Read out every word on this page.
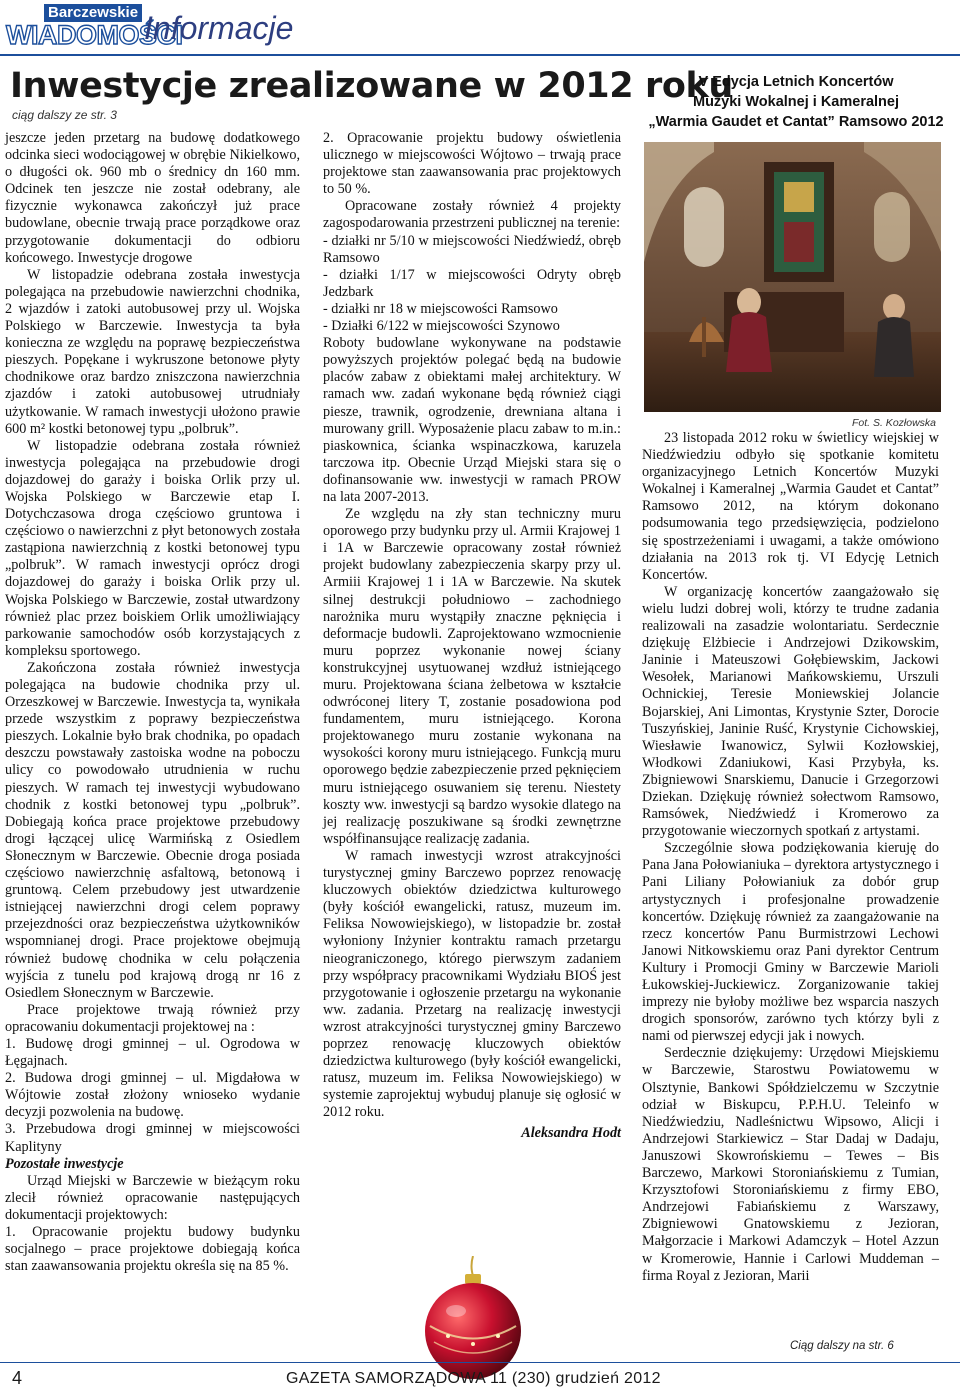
Barczewskie
WIADOMOŚCI
Informacje
Inwestycje zrealizowane w 2012 roku
ciąg dalszy ze str. 3

jeszcze jeden przetarg na budowę dodatkowego odcinka sieci wodociągowej w obrębie Nikielkowo, o długości ok. 960 mb o średnicy dn 160 mm. Odcinek ten jeszcze nie został odebrany, ale fizycznie wykonawca zakończył już prace budowlane, obecnie trwają prace porządkowe oraz przygotowanie dokumentacji do odbioru końcowego. Inwestycje drogowe

W listopadzie odebrana została inwestycja polegająca na przebudowie nawierzchni chodnika, 2 wjazdów i zatoki autobusowej przy ul. Wojska Polskiego w Barczewie. Inwestycja ta była konieczna ze względu na poprawę bezpieczeństwa pieszych. Popękane i wykruszone betonowe płyty chodnikowe oraz bardzo zniszczona nawierzchnia zjazdów i zatoki autobusowej utrudniały użytkowanie. W ramach inwestycji ułożono prawie 600 m² kostki betonowej typu „polbruk”.

W listopadzie odebrana została również inwestycja polegająca na przebudowie drogi dojazdowej do garaży i boiska Orlik przy ul. Wojska Polskiego w Barczewie etap I. Dotychczasowa droga częściowo gruntowa i częściowo o nawierzchni z płyt betonowych została zastąpiona nawierzchnią z kostki betonowej typu „polbruk”. W ramach inwestycji oprócz drogi dojazdowej do garaży i boiska Orlik przy ul. Wojska Polskiego w Barczewie, został utwardzony również plac przez boiskiem Orlik umożliwiający parkowanie samochodów osób korzystających z kompleksu sportowego.

Zakończona została również inwestycja polegająca na budowie chodnika przy ul. Orzeszkowej w Barczewie. Inwestycja ta, wynikała przede wszystkim z poprawy bezpieczeństwa pieszych. Lokalnie było brak chodnika, po opadach deszczu powstawały zastoiska wodne na poboczu ulicy co powodowało utrudnienia w ruchu pieszych. W ramach tej inwestycji wybudowano chodnik z kostki betonowej typu „polbruk”. Dobiegają końca prace projektowe przebudowy drogi łączącej ulicę Warmińską z Osiedlem Słonecznym w Barczewie. Obecnie droga posiada częściowo nawierzchnię asfaltową, betonową i gruntową. Celem przebudowy jest utwardzenie istniejącej nawierzchni drogi celem poprawy przejezdności oraz bezpieczeństwa użytkowników wspomnianej drogi. Prace projektowe obejmują również budowę chodnika w celu połączenia wyjścia z tunelu pod krajową drogą nr 16 z Osiedlem Słonecznym w Barczewie.

Prace projektowe trwają również przy opracowaniu dokumentacji projektowej na :

1. Budowę drogi gminnej – ul. Ogrodowa w Łęgajnach.

2. Budowa drogi gminnej – ul. Migdałowa w Wójtowie został złożony wnioseko wydanie decyzji pozwolenia na budowę.

3. Przebudowa drogi gminnej w miejscowości Kaplityny

Pozostałe inwestycje

Urząd Miejski w Barczewie w bieżącym roku zlecił również opracowanie następujących dokumentacji projektowych:

1. Opracowanie projektu budowy budynku socjalnego – prace projektowe dobiegają końca stan zaawansowania projektu określa się na 85 %.

2. Opracowanie projektu budowy oświetlenia ulicznego w miejscowości Wójtowo – trwają prace projektowe stan zaawansowania prac projektowych to 50 %.

Opracowane zostały również 4 projekty zagospodarowania przestrzeni publicznej na terenie:

- działki nr 5/10 w miejscowości Niedźwiedź, obręb Ramsowo

- działki 1/17 w miejscowości Odryty obręb Jedzbark

- działki nr 18 w miejscowości Ramsowo

- Działki 6/122 w miejscowości Szynowo

Roboty budowlane wykonywane na podstawie powyższych projektów polegać będą na budowie placów zabaw z obiektami małej architektury. W ramach ww. zadań wykonane będą również ciągi piesze, trawnik, ogrodzenie, drewniana altana i murowany grill. Wyposażenie placu zabaw to m.in.: piaskownica, ścianka wspinaczkowa, karuzela tarczowa itp. Obecnie Urząd Miejski stara się o dofinansowanie ww. inwestycji w ramach PROW na lata 2007-2013.

Ze względu na zły stan techniczny muru oporowego przy budynku przy ul. Armii Krajowej 1 i 1A w Barczewie opracowany został również projekt budowlany zabezpieczenia skarpy przy ul. Armiii Krajowej 1 i 1A w Barczewie. Na skutek silnej destrukcji południowo – zachodniego narożnika muru wystąpiły znaczne pęknięcia i deformacje budowli. Zaprojektowano wzmocnienie muru poprzez wykonanie nowej ściany konstrukcyjnej usytuowanej wzdłuż istniejącego muru. Projektowana ściana żelbetowa w kształcie odwróconej litery T, zostanie posadowiona pod fundamentem, muru istniejącego. Korona projektowanego muru zostanie wykonana na wysokości korony muru istniejącego. Funkcją muru oporowego będzie zabezpieczenie przed pęknięciem muru istniejącego osuwaniem się terenu. Niestety koszty ww. inwestycji są bardzo wysokie dlatego na jej realizację poszukiwane są środki zewnętrzne współfinansujące realizację zadania.

W ramach inwestycji wzrost atrakcyjności turystycznej gminy Barczewo poprzez renowację kluczowych obiektów dziedzictwa kulturowego (były kościół ewangelicki, ratusz, muzeum im. Feliksa Nowowiejskiego), w listopadzie br. został wyłoniony Inżynier kontraktu ramach przetargu nieograniczonego, którego pierwszym zadaniem przy współpracy pracownikami Wydziału BIOŚ jest przygotowanie i ogłoszenie przetargu na wykonanie ww. zadania. Przetarg na realizację inwestycji wzrost atrakcyjności turystycznej gminy Barczewo poprzez renowację kluczowych obiektów dziedzictwa kulturowego (były kościół ewangelicki, ratusz, muzeum im. Feliksa Nowowiejskiego) w systemie zaprojektuj wybuduj planuje się ogłosić w 2012 roku.

Aleksandra Hodt

V Edycja Letnich Koncertów
Muzyki Wokalnej i Kameralnej
„Warmia Gaudet et Cantat” Ramsowo 2012
Fot. S. Kozłowska

23 listopada 2012 roku w świetlicy wiejskiej w Niedźwiedziu odbyło się spotkanie komitetu organizacyjnego Letnich Koncertów Muzyki Wokalnej i Kameralnej „Warmia Gaudet et Cantat” Ramsowo 2012, na którym dokonano podsumowania tego przedsięwzięcia, podzielono się spostrzeżeniami i uwagami, a także omówiono działania na 2013 rok tj. VI Edycję Letnich Koncertów.

W organizację koncertów zaangażowało się wielu ludzi dobrej woli, którzy te trudne zadania realizowali na zasadzie wolontariatu. Serdecznie dziękuję Elżbiecie i Andrzejowi Dzikowskim, Janinie i Mateuszowi Gołębiewskim, Jackowi Wesołek, Marianowi Mańkowskiemu, Urszuli Ochnickiej, Teresie Moniewskiej Jolancie Bojarskiej, Ani Limontas, Krystynie Szter, Dorocie Tuszyńskiej, Janinie Ruść, Krystynie Cichowskiej, Wiesławie Iwanowicz, Sylwii Kozłowskiej, Włodkowi Zdaniukowi, Kasi Przybyła, ks. Zbigniewowi Snarskiemu, Danucie i Grzegorzowi Dziekan. Dziękuję również sołectwom Ramsowo, Ramsówek, Niedźwiedź i Kromerowo za przygotowanie wieczornych spotkań z artystami.

Szczególnie słowa podziękowania kieruję do Pana Jana Połowianiuka – dyrektora artystycznego i Pani Liliany Połowianiuk za dobór grup artystycznych i profesjonalne prowadzenie koncertów. Dziękuję również za zaangażowanie na rzecz koncertów Panu Burmistrzowi Lechowi Janowi Nitkowskiemu oraz Pani dyrektor Centrum Kultury i Promocji Gminy w Barczewie Marioli Łukowskiej-Juckiewicz. Zorganizowanie takiej imprezy nie byłoby możliwe bez wsparcia naszych drogich sponsorów, zarówno tych którzy byli z nami od pierwszej edycji jak i nowych.

Serdecznie dziękujemy: Urzędowi Miejskiemu w Barczewie, Starostwu Powiatowemu w Olsztynie, Bankowi Spółdzielczemu w Szczytnie odział w Biskupcu, P.P.H.U. Teleinfo w Niedźwiedziu, Nadleśnictwu Wipsowo, Alicji i Andrzejowi Starkiewicz – Star Dadaj w Dadaju, Januszowi Skowrońskiemu – Tewes – Bis Barczewo, Markowi Storoniańskiemu z Tumian, Krzysztofowi Storoniańskiemu z firmy EBO, Andrzejowi Fabiańskiemu z Warszawy, Zbigniewowi Gnatowskiemu z Jezioran, Małgorzacie i Markowi Adamczyk – Hotel Azzun w Kromerowie, Hannie i Carlowi Muddeman – firma Royal z Jezioran, Marii

Ciąg dalszy na str. 6
4	GAZETA SAMORZĄDOWA 11 (230) grudzień 2012
